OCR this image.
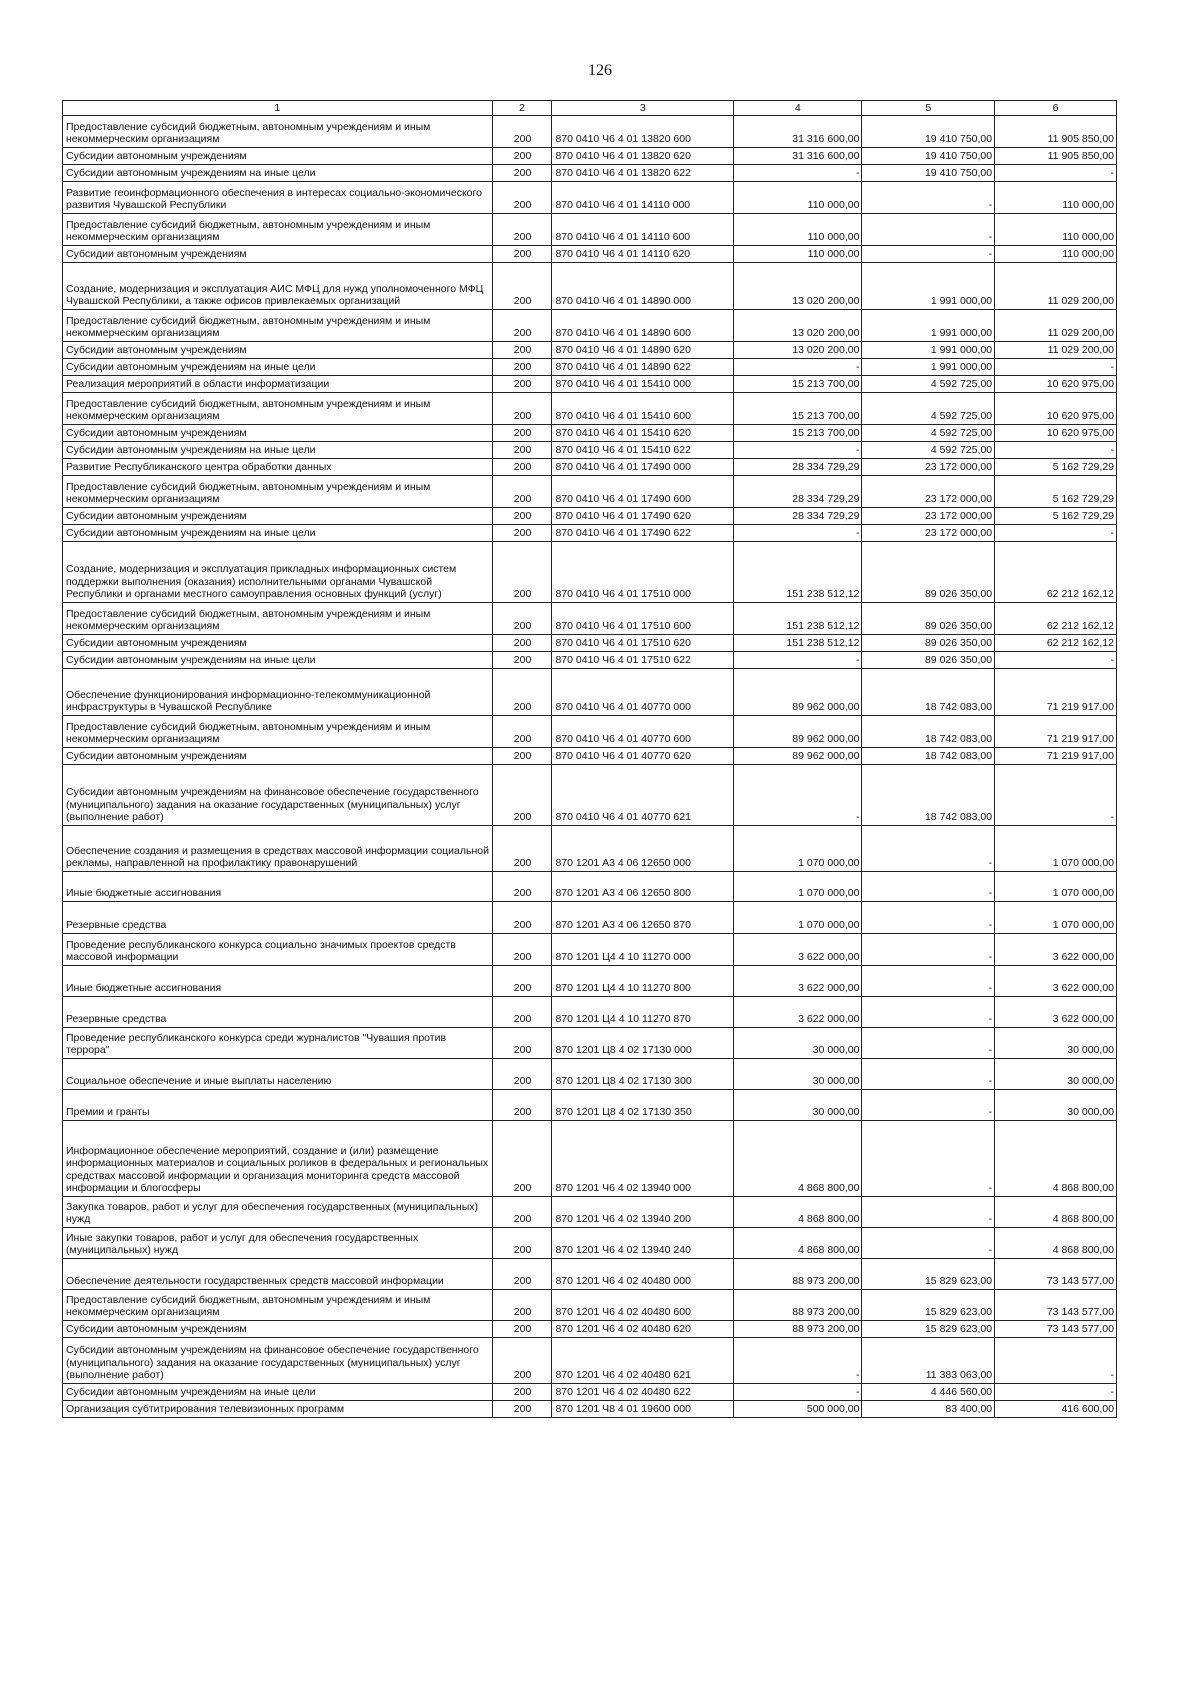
126
1	2	3	4	5	6
Предоставление субсидий бюджетным, автономным учреждениям и иным некоммерческим организациям	200	870 0410 Ч6 4 01 13820 600	31 316 600,00	19 410 750,00	11 905 850,00
Субсидии автономным учреждениям	200	870 0410 Ч6 4 01 13820 620	31 316 600,00	19 410 750,00	11 905 850,00
Субсидии автономным учреждениям на иные цели	200	870 0410 Ч6 4 01 13820 622	-	19 410 750,00	-
Развитие геоинформационного обеспечения в интересах социально-экономического развития Чувашской Республики	200	870 0410 Ч6 4 01 14110 000	110 000,00	-	110 000,00
Предоставление субсидий бюджетным, автономным учреждениям и иным некоммерческим организациям	200	870 0410 Ч6 4 01 14110 600	110 000,00	-	110 000,00
Субсидии автономным учреждениям	200	870 0410 Ч6 4 01 14110 620	110 000,00	-	110 000,00
Создание, модернизация и эксплуатация АИС МФЦ для нужд уполномоченного МФЦ Чувашской Республики, а также офисов привлекаемых организаций	200	870 0410 Ч6 4 01 14890 000	13 020 200,00	1 991 000,00	11 029 200,00
Предоставление субсидий бюджетным, автономным учреждениям и иным некоммерческим организациям	200	870 0410 Ч6 4 01 14890 600	13 020 200,00	1 991 000,00	11 029 200,00
Субсидии автономным учреждениям	200	870 0410 Ч6 4 01 14890 620	13 020 200,00	1 991 000,00	11 029 200,00
Субсидии автономным учреждениям на иные цели	200	870 0410 Ч6 4 01 14890 622	-	1 991 000,00	-
Реализация мероприятий в области информатизации	200	870 0410 Ч6 4 01 15410 000	15 213 700,00	4 592 725,00	10 620 975,00
Предоставление субсидий бюджетным, автономным учреждениям и иным некоммерческим организациям	200	870 0410 Ч6 4 01 15410 600	15 213 700,00	4 592 725,00	10 620 975,00
Субсидии автономным учреждениям	200	870 0410 Ч6 4 01 15410 620	15 213 700,00	4 592 725,00	10 620 975,00
Субсидии автономным учреждениям на иные цели	200	870 0410 Ч6 4 01 15410 622	-	4 592 725,00	-
Развитие Республиканского центра обработки данных	200	870 0410 Ч6 4 01 17490 000	28 334 729,29	23 172 000,00	5 162 729,29
Предоставление субсидий бюджетным, автономным учреждениям и иным некоммерческим организациям	200	870 0410 Ч6 4 01 17490 600	28 334 729,29	23 172 000,00	5 162 729,29
Субсидии автономным учреждениям	200	870 0410 Ч6 4 01 17490 620	28 334 729,29	23 172 000,00	5 162 729,29
Субсидии автономным учреждениям на иные цели	200	870 0410 Ч6 4 01 17490 622	-	23 172 000,00	-
Создание, модернизация и эксплуатация прикладных информационных систем поддержки выполнения (оказания) исполнительными органами Чувашской Республики и органами местного самоуправления основных функций (услуг)	200	870 0410 Ч6 4 01 17510 000	151 238 512,12	89 026 350,00	62 212 162,12
Предоставление субсидий бюджетным, автономным учреждениям и иным некоммерческим организациям	200	870 0410 Ч6 4 01 17510 600	151 238 512,12	89 026 350,00	62 212 162,12
Субсидии автономным учреждениям	200	870 0410 Ч6 4 01 17510 620	151 238 512,12	89 026 350,00	62 212 162,12
Субсидии автономным учреждениям на иные цели	200	870 0410 Ч6 4 01 17510 622	-	89 026 350,00	-
Обеспечение функционирования информационно-телекоммуникационной инфраструктуры в Чувашской Республике	200	870 0410 Ч6 4 01 40770 000	89 962 000,00	18 742 083,00	71 219 917,00
Предоставление субсидий бюджетным, автономным учреждениям и иным некоммерческим организациям	200	870 0410 Ч6 4 01 40770 600	89 962 000,00	18 742 083,00	71 219 917,00
Субсидии автономным учреждениям	200	870 0410 Ч6 4 01 40770 620	89 962 000,00	18 742 083,00	71 219 917,00
Субсидии автономным учреждениям на финансовое обеспечение государственного (муниципального) задания на оказание государственных (муниципальных) услуг (выполнение работ)	200	870 0410 Ч6 4 01 40770 621	-	18 742 083,00	-
Обеспечение создания и размещения в средствах массовой информации социальной рекламы, направленной на профилактику правонарушений	200	870 1201 А3 4 06 12650 000	1 070 000,00	-	1 070 000,00
Иные бюджетные ассигнования	200	870 1201 А3 4 06 12650 800	1 070 000,00	-	1 070 000,00
Резервные средства	200	870 1201 А3 4 06 12650 870	1 070 000,00	-	1 070 000,00
Проведение республиканского конкурса социально значимых проектов средств массовой информации	200	870 1201 Ц4 4 10 11270 000	3 622 000,00	-	3 622 000,00
Иные бюджетные ассигнования	200	870 1201 Ц4 4 10 11270 800	3 622 000,00	-	3 622 000,00
Резервные средства	200	870 1201 Ц4 4 10 11270 870	3 622 000,00	-	3 622 000,00
Проведение республиканского конкурса среди журналистов "Чувашия против террора"	200	870 1201 Ц8 4 02 17130 000	30 000,00	-	30 000,00
Социальное обеспечение и иные выплаты населению	200	870 1201 Ц8 4 02 17130 300	30 000,00	-	30 000,00
Премии и гранты	200	870 1201 Ц8 4 02 17130 350	30 000,00	-	30 000,00
Информационное обеспечение мероприятий, создание и (или) размещение информационных материалов и социальных роликов в федеральных и региональных средствах массовой информации и организация мониторинга средств массовой информации и блогосферы	200	870 1201 Ч6 4 02 13940 000	4 868 800,00	-	4 868 800,00
Закупка товаров, работ и услуг для обеспечения государственных (муниципальных) нужд	200	870 1201 Ч6 4 02 13940 200	4 868 800,00	-	4 868 800,00
Иные закупки товаров, работ и услуг для обеспечения государственных (муниципальных) нужд	200	870 1201 Ч6 4 02 13940 240	4 868 800,00	-	4 868 800,00
Обеспечение деятельности государственных средств массовой информации	200	870 1201 Ч6 4 02 40480 000	88 973 200,00	15 829 623,00	73 143 577,00
Предоставление субсидий бюджетным, автономным учреждениям и иным некоммерческим организациям	200	870 1201 Ч6 4 02 40480 600	88 973 200,00	15 829 623,00	73 143 577,00
Субсидии автономным учреждениям	200	870 1201 Ч6 4 02 40480 620	88 973 200,00	15 829 623,00	73 143 577,00
Субсидии автономным учреждениям на финансовое обеспечение государственного (муниципального) задания на оказание государственных (муниципальных) услуг (выполнение работ)	200	870 1201 Ч6 4 02 40480 621	-	11 383 063,00	-
Субсидии автономным учреждениям на иные цели	200	870 1201 Ч6 4 02 40480 622	-	4 446 560,00	-
Организация субтитрирования телевизионных программ	200	870 1201 Ч8 4 01 19600 000	500 000,00	83 400,00	416 600,00
